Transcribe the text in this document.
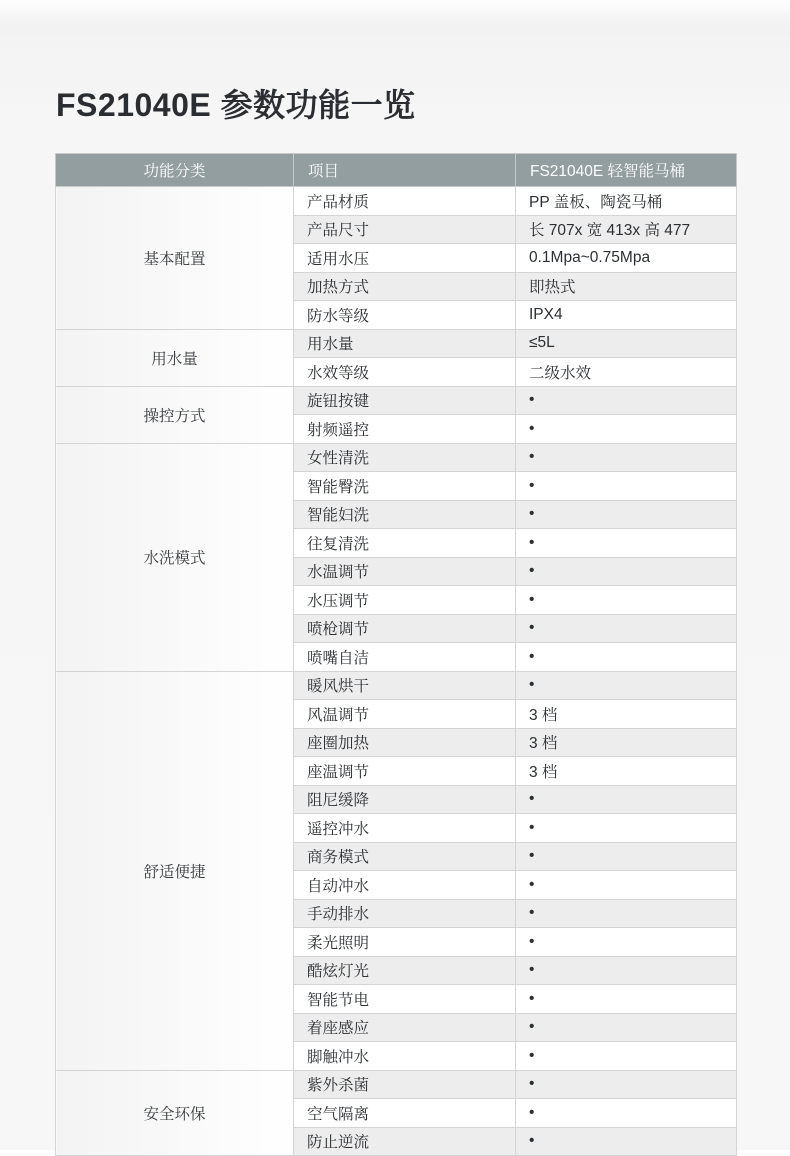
FS21040E 参数功能一览
功能分类	项目	FS21040E 轻智能马桶
基本配置	产品材质	PP 盖板、陶瓷马桶
	产品尺寸	长 707x 宽 413x 高 477
	适用水压	0.1Mpa~0.75Mpa
	加热方式	即热式
	防水等级	IPX4
用水量	用水量	≤5L
	水效等级	二级水效
操控方式	旋钮按键	•
	射频遥控	•
水洗模式	女性清洗	•
	智能臀洗	•
	智能妇洗	•
	往复清洗	•
	水温调节	•
	水压调节	•
	喷枪调节	•
	喷嘴自洁	•
舒适便捷	暖风烘干	•
	风温调节	3 档
	座圈加热	3 档
	座温调节	3 档
	阻尼缓降	•
	遥控冲水	•
	商务模式	•
	自动冲水	•
	手动排水	•
	柔光照明	•
	酷炫灯光	•
	智能节电	•
	着座感应	•
	脚触冲水	•
安全环保	紫外杀菌	•
	空气隔离	•
	防止逆流	•
